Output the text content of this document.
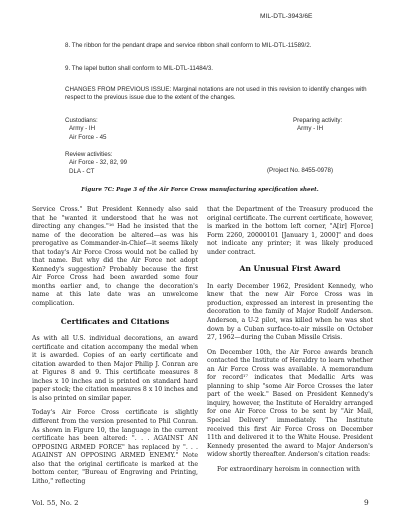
MIL-DTL-3943/6E
8. The ribbon for the pendant drape and service ribbon shall conform to MIL-DTL-11589/2.
9. The lapel button shall conform to MIL-DTL-11484/3.
CHANGES FROM PREVIOUS ISSUE: Marginal notations are not used in this revision to identify changes with respect to the previous issue due to the extent of the changes.
Custodians:
Army - IH
Air Force - 45
Preparing activity:
Army - IH
Review activities:
Air Force - 32, 82, 99
DLA - CT	(Project No. 8455-0978)
Figure 7C: Page 3 of the Air Force Cross manufacturing specification sheet.

Service Cross." But President Kennedy also said that he "wanted it understood that he was not directing any changes."¹⁶ Had he insisted that the name of the decoration be altered—as was his prerogative as Commander-in-Chief—it seems likely that today's Air Force Cross would not be called by that name. But why did the Air Force not adopt Kennedy's suggestion? Probably because the first Air Force Cross had been awarded some four months earlier and, to change the decoration's name at this late date was an unwelcome complication.

Certificates and Citations

As with all U.S. individual decorations, an award certificate and citation accompany the medal when it is awarded. Copies of an early certificate and citation awarded to then Major Philip J. Conran are at Figures 8 and 9. This certificate measures 8 inches x 10 inches and is printed on standard hard paper stock; the citation measures 8 x 10 inches and is also printed on similar paper.

Today's Air Force Cross certificate is slightly different from the version presented to Phil Conran. As shown in Figure 10, the language in the current certificate has been altered: ". . . AGAINST AN OPPOSING ARMED FORCE" has replaced by ". . . AGAINST AN OPPOSING ARMED ENEMY." Note also that the original certificate is marked at the bottom center, "Bureau of Engraving and Printing, Litho," reflecting

that the Department of the Treasury produced the original certificate. The current certificate, however, is marked in the bottom left corner, "A[ir] F[orce] Form 2260, 20000101 [January 1, 2000]" and does not indicate any printer; it was likely produced under contract.

An Unusual First Award

In early December 1962, President Kennedy, who knew that the new Air Force Cross was in production, expressed an interest in presenting the decoration to the family of Major Rudolf Anderson. Anderson, a U-2 pilot, was killed when he was shot down by a Cuban surface-to-air missile on October 27, 1962—during the Cuban Missile Crisis.

On December 10th, the Air Force awards branch contacted the Institute of Heraldry to learn whether an Air Force Cross was available. A memorandum for record¹⁷ indicates that Medallic Arts was planning to ship "some Air Force Crosses the later part of the week." Based on President Kennedy's inquiry, however, the Institute of Heraldry arranged for one Air Force Cross to be sent by "Air Mail, Special Delivery" immediately. The Institute received this first Air Force Cross on December 11th and delivered it to the White House. President Kennedy presented the award to Major Anderson's widow shortly thereafter. Anderson's citation reads:

For extraordinary heroism in connection with

Vol. 55, No. 2	9
